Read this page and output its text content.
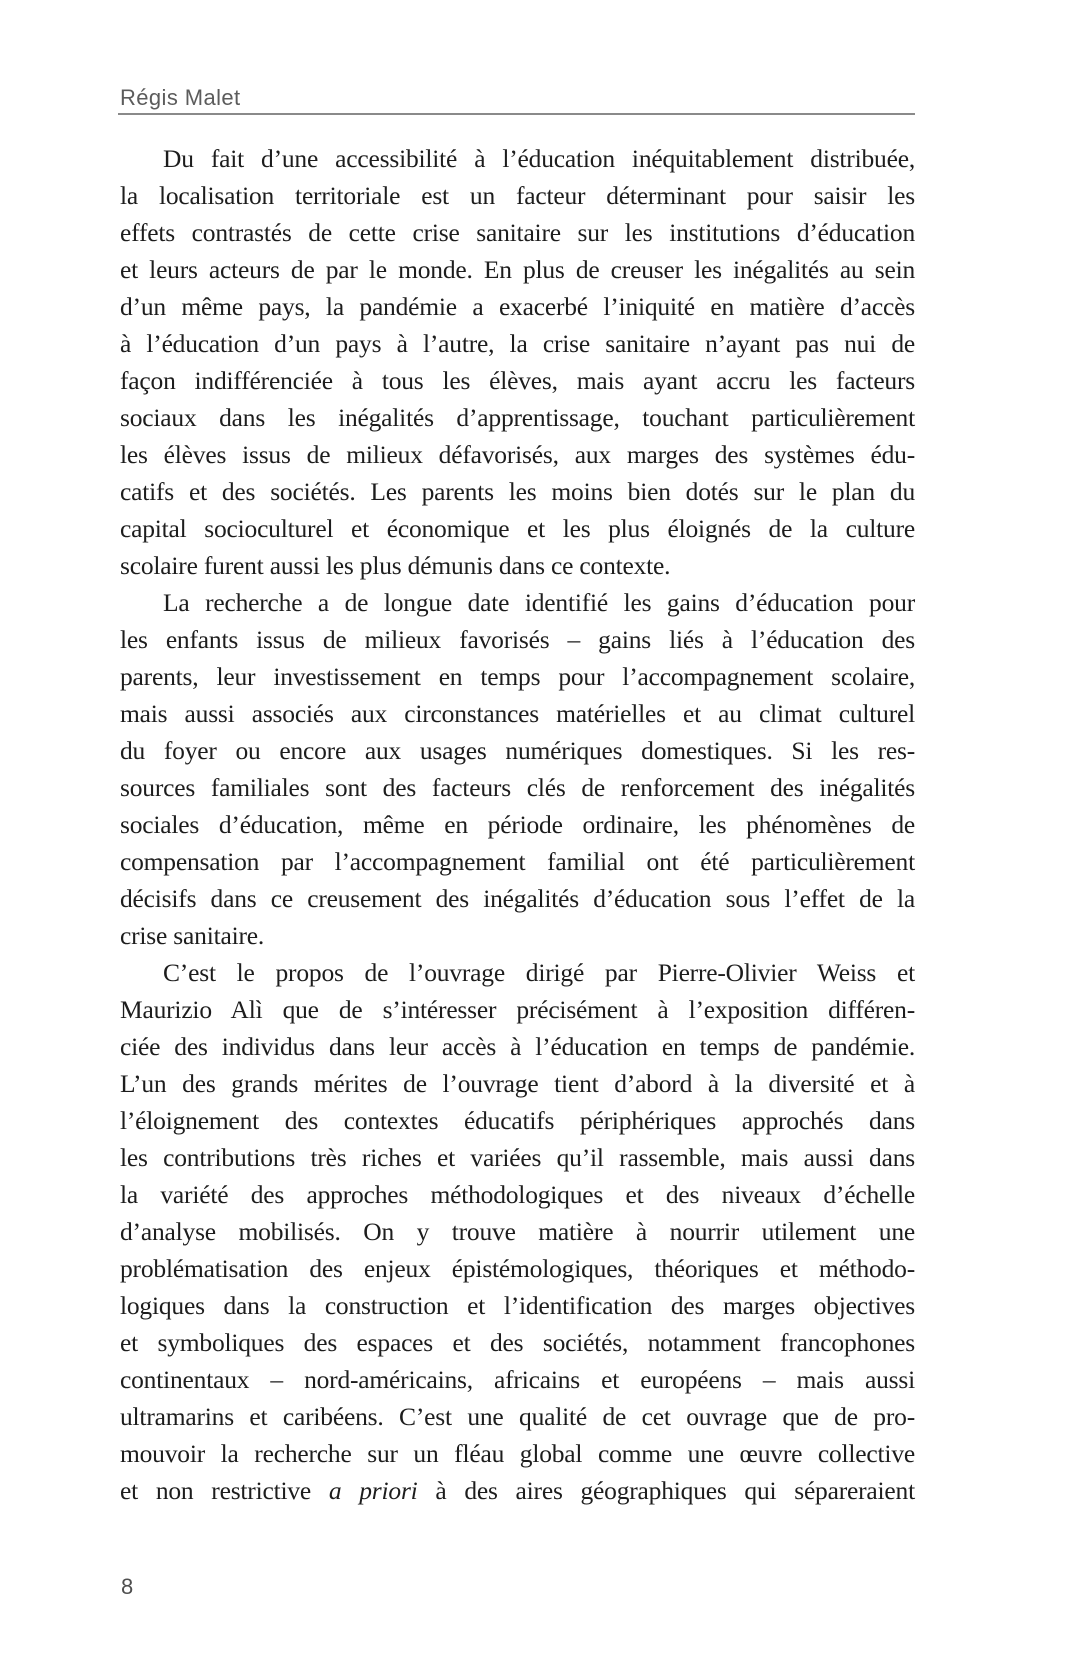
Régis Malet
Du fait d’une accessibilité à l’éducation inéquitablement distribuée,
la localisation territoriale est un facteur déterminant pour saisir les
effets contrastés de cette crise sanitaire sur les institutions d’éducation
et leurs acteurs de par le monde. En plus de creuser les inégalités au sein
d’un même pays, la pandémie a exacerbé l’iniquité en matière d’accès
à l’éducation d’un pays à l’autre, la crise sanitaire n’ayant pas nui de
façon indifférenciée à tous les élèves, mais ayant accru les facteurs
sociaux dans les inégalités d’apprentissage, touchant particulièrement
les élèves issus de milieux défavorisés, aux marges des systèmes édu-
catifs et des sociétés. Les parents les moins bien dotés sur le plan du
capital socioculturel et économique et les plus éloignés de la culture
scolaire furent aussi les plus démunis dans ce contexte.
La recherche a de longue date identifié les gains d’éducation pour
les enfants issus de milieux favorisés – gains liés à l’éducation des
parents, leur investissement en temps pour l’accompagnement scolaire,
mais aussi associés aux circonstances matérielles et au climat culturel
du foyer ou encore aux usages numériques domestiques. Si les res-
sources familiales sont des facteurs clés de renforcement des inégalités
sociales d’éducation, même en période ordinaire, les phénomènes de
compensation par l’accompagnement familial ont été particulièrement
décisifs dans ce creusement des inégalités d’éducation sous l’effet de la
crise sanitaire.
C’est le propos de l’ouvrage dirigé par Pierre-Olivier Weiss et
Maurizio Alì que de s’intéresser précisément à l’exposition différen-
ciée des individus dans leur accès à l’éducation en temps de pandémie.
L’un des grands mérites de l’ouvrage tient d’abord à la diversité et à
l’éloignement des contextes éducatifs périphériques approchés dans
les contributions très riches et variées qu’il rassemble, mais aussi dans
la variété des approches méthodologiques et des niveaux d’échelle
d’analyse mobilisés. On y trouve matière à nourrir utilement une
problématisation des enjeux épistémologiques, théoriques et méthodo-
logiques dans la construction et l’identification des marges objectives
et symboliques des espaces et des sociétés, notamment francophones
continentaux – nord-américains, africains et européens – mais aussi
ultramarins et caribéens. C’est une qualité de cet ouvrage que de pro-
mouvoir la recherche sur un fléau global comme une œuvre collective
et non restrictive a priori à des aires géographiques qui sépareraient
8
